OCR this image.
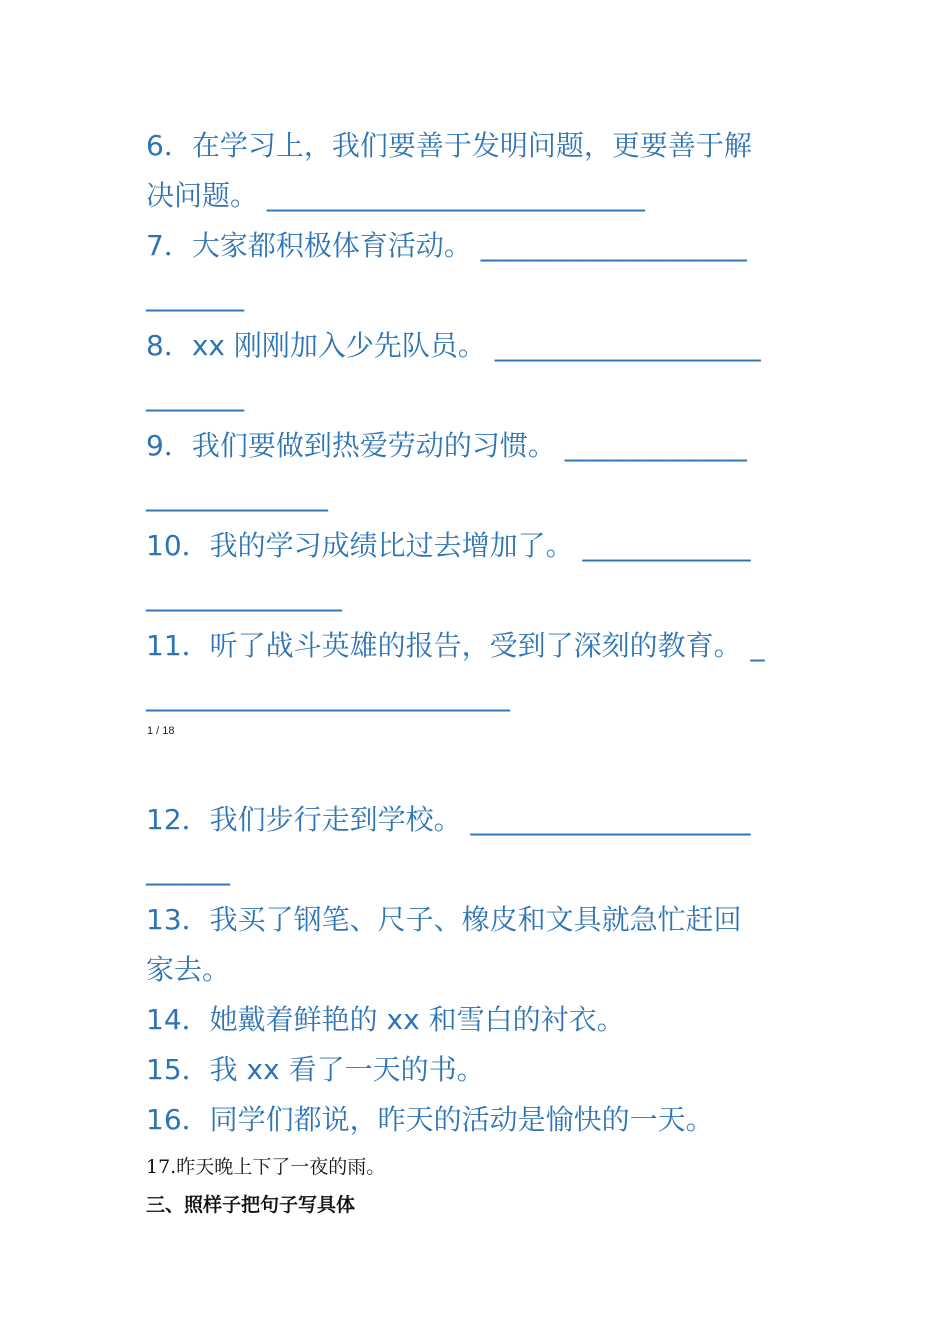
6．在学习上，我们要善于发明问题，更要善于解

决问题。 ___________________________

7．大家都积极体育活动。 ___________________

_______

8．xx 刚刚加入少先队员。 ___________________

_______

9．我们要做到热爱劳动的习惯。 _____________

_____________

10．我的学习成绩比过去增加了。 ____________

______________

11．听了战斗英雄的报告，受到了深刻的教育。 _

__________________________

1 / 18

12．我们步行走到学校。 ____________________

______

13．我买了钢笔、尺子、橡皮和文具就急忙赶回

家去。

14．她戴着鲜艳的 xx 和雪白的衬衣。

15．我 xx 看了一天的书。

16．同学们都说，昨天的活动是愉快的一天。

17.昨天晚上下了一夜的雨。

三、照样子把句子写具体
